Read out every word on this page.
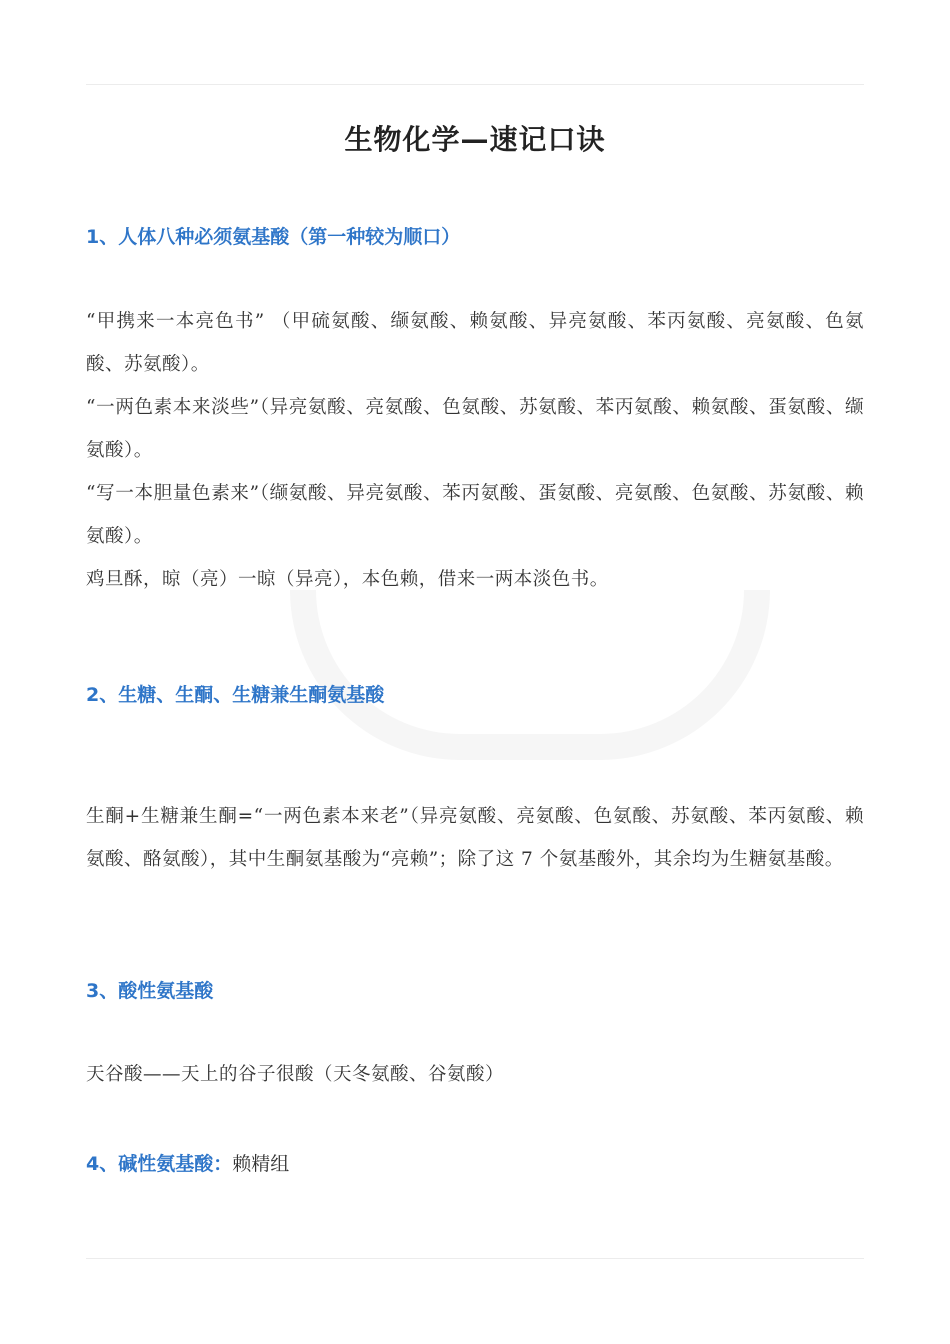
生物化学—速记口诀
1、人体八种必须氨基酸（第一种较为顺口）

“甲携来一本亮色书” （甲硫氨酸、缬氨酸、赖氨酸、异亮氨酸、苯丙氨酸、亮氨酸、色氨酸、苏氨酸）。

“一两色素本来淡些”（异亮氨酸、亮氨酸、色氨酸、苏氨酸、苯丙氨酸、赖氨酸、蛋氨酸、缬氨酸）。

“写一本胆量色素来”（缬氨酸、异亮氨酸、苯丙氨酸、蛋氨酸、亮氨酸、色氨酸、苏氨酸、赖氨酸）。

鸡旦酥，晾（亮）一晾（异亮），本色赖，借来一两本淡色书。

2、生糖、生酮、生糖兼生酮氨基酸

生酮+生糖兼生酮=“一两色素本来老”（异亮氨酸、亮氨酸、色氨酸、苏氨酸、苯丙氨酸、赖氨酸、酪氨酸），其中生酮氨基酸为“亮赖”；除了这 7 个氨基酸外，其余均为生糖氨基酸。

3、酸性氨基酸

天谷酸——天上的谷子很酸（天冬氨酸、谷氨酸）

4、碱性氨基酸：赖精组
